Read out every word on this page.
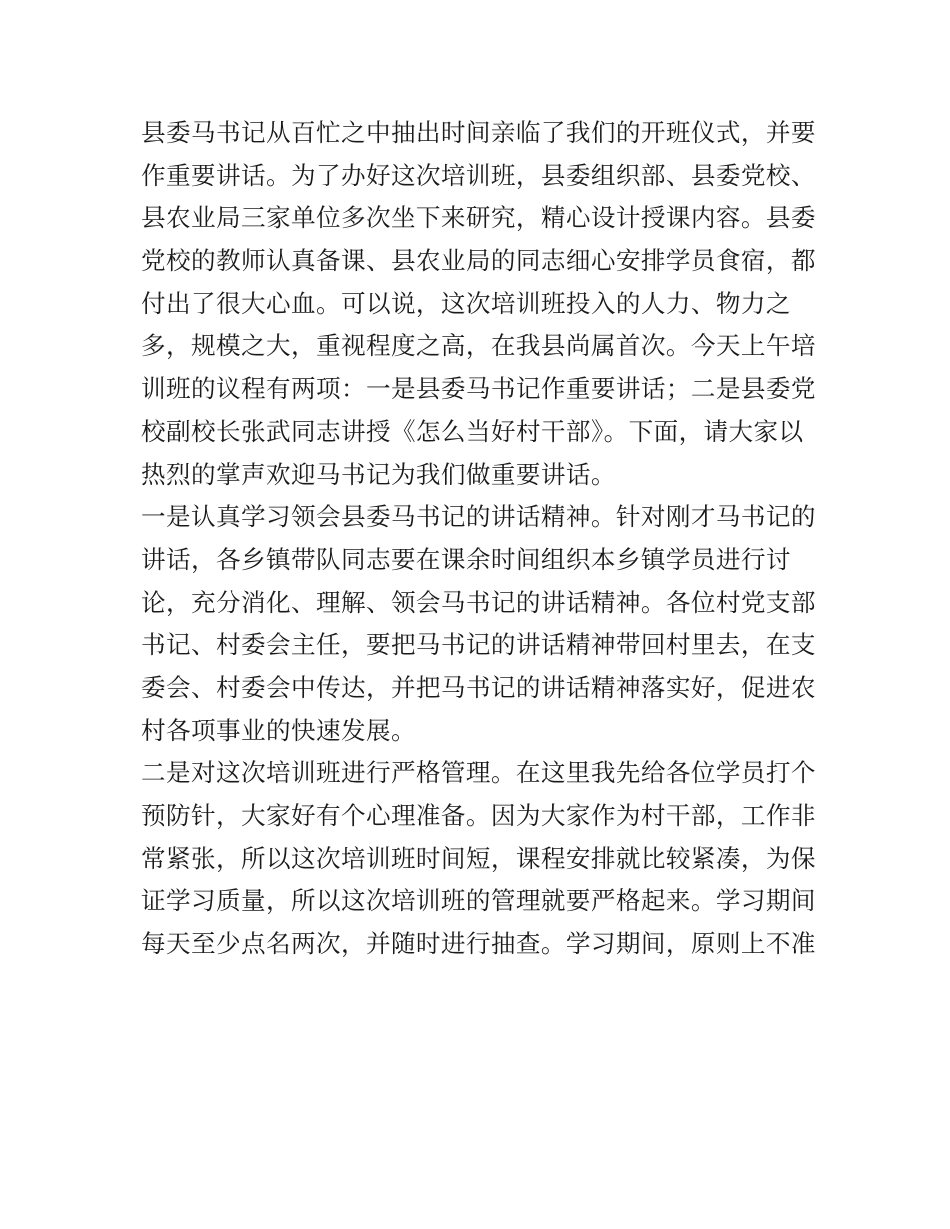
县委马书记从百忙之中抽出时间亲临了我们的开班仪式，并要
作重要讲话。为了办好这次培训班，县委组织部、县委党校、
县农业局三家单位多次坐下来研究，精心设计授课内容。县委
党校的教师认真备课、县农业局的同志细心安排学员食宿，都
付出了很大心血。可以说，这次培训班投入的人力、物力之
多，规模之大，重视程度之高，在我县尚属首次。今天上午培
训班的议程有两项：一是县委马书记作重要讲话；二是县委党
校副校长张武同志讲授《怎么当好村干部》。下面，请大家以
热烈的掌声欢迎马书记为我们做重要讲话。
一是认真学习领会县委马书记的讲话精神。针对刚才马书记的
讲话，各乡镇带队同志要在课余时间组织本乡镇学员进行讨
论，充分消化、理解、领会马书记的讲话精神。各位村党支部
书记、村委会主任，要把马书记的讲话精神带回村里去，在支
委会、村委会中传达，并把马书记的讲话精神落实好，促进农
村各项事业的快速发展。
二是对这次培训班进行严格管理。在这里我先给各位学员打个
预防针，大家好有个心理准备。因为大家作为村干部，工作非
常紧张，所以这次培训班时间短，课程安排就比较紧凑，为保
证学习质量，所以这次培训班的管理就要严格起来。学习期间
每天至少点名两次，并随时进行抽查。学习期间，原则上不准
